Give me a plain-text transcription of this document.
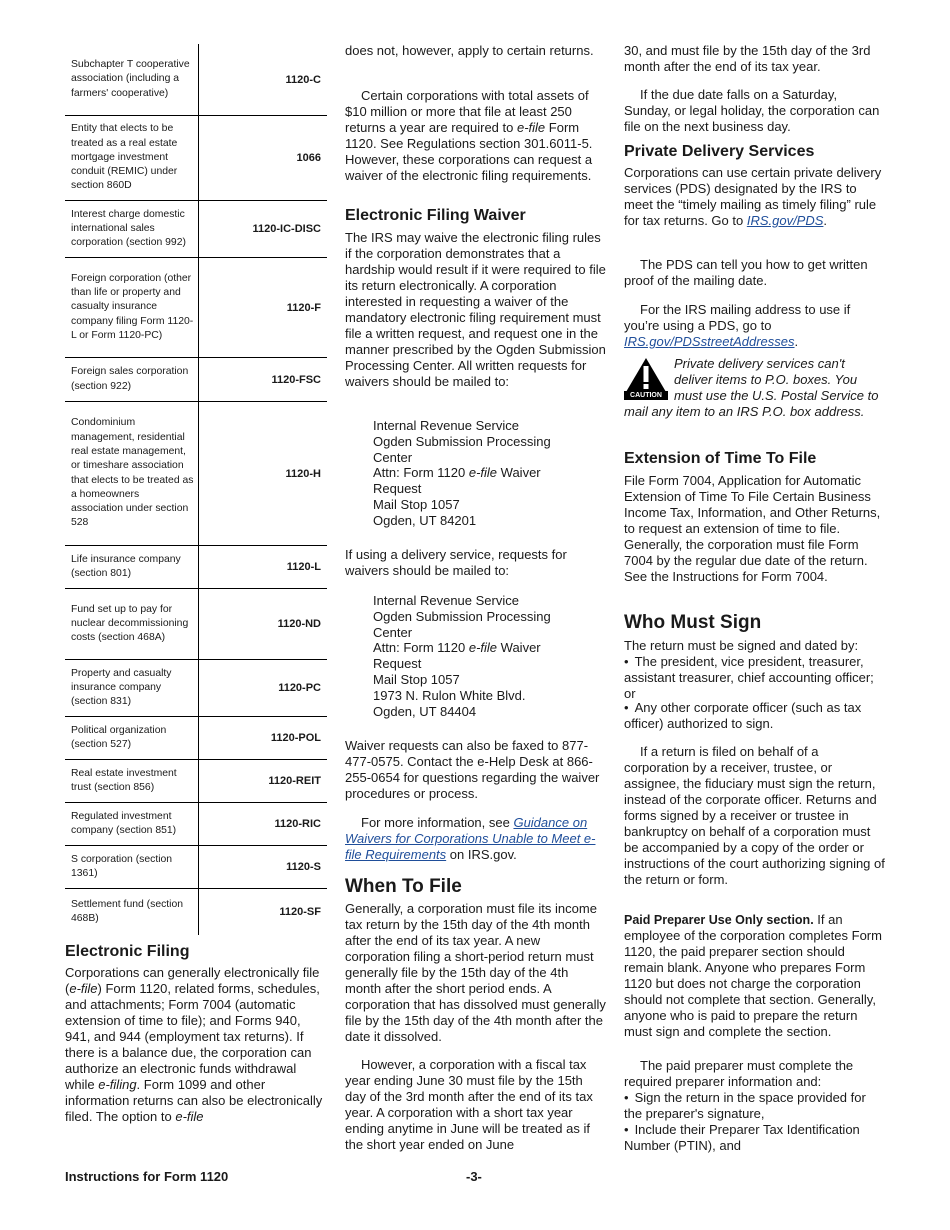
Subchapter T cooperative association (including a farmers' cooperative)
1120-C
Entity that elects to be treated as a real estate mortgage investment conduit (REMIC) under section 860D
1066
Interest charge domestic international sales corporation (section 992)
1120-IC-DISC
Foreign corporation (other than life or property and casualty insurance company filing Form 1120-L or Form 1120-PC)
1120-F
Foreign sales corporation (section 922)
1120-FSC
Condominium management, residential real estate management, or timeshare association that elects to be treated as a homeowners association under section 528
1120-H
Life insurance company (section 801)
1120-L
Fund set up to pay for nuclear decommissioning costs (section 468A)
1120-ND
Property and casualty insurance company (section 831)
1120-PC
Political organization (section 527)
1120-POL
Real estate investment trust (section 856)
1120-REIT
Regulated investment company (section 851)
1120-RIC
S corporation (section 1361)
1120-S
Settlement fund (section 468B)
1120-SF
Electronic Filing

Corporations can generally electronically file (e-file) Form 1120, related forms, schedules, and attachments; Form 7004 (automatic extension of time to file); and Forms 940, 941, and 944 (employment tax returns). If there is a balance due, the corporation can authorize an electronic funds withdrawal while e-filing. Form 1099 and other information returns can also be electronically filed. The option to e-file

does not, however, apply to certain returns.

Certain corporations with total assets of $10 million or more that file at least 250 returns a year are required to e-file Form 1120. See Regulations section 301.6011-5. However, these corporations can request a waiver of the electronic filing requirements.

Electronic Filing Waiver

The IRS may waive the electronic filing rules if the corporation demonstrates that a hardship would result if it were required to file its return electronically. A corporation interested in requesting a waiver of the mandatory electronic filing requirement must file a written request, and request one in the manner prescribed by the Ogden Submission Processing Center. All written requests for waivers should be mailed to:

Internal Revenue Service
Ogden Submission Processing
Center
Attn: Form 1120 e-file Waiver
Request
Mail Stop 1057
Ogden, UT 84201

If using a delivery service, requests for waivers should be mailed to:

Internal Revenue Service
Ogden Submission Processing
Center
Attn: Form 1120 e-file Waiver
Request
Mail Stop 1057
1973 N. Rulon White Blvd.
Ogden, UT 84404

Waiver requests can also be faxed to 877-477-0575. Contact the e-Help Desk at 866-255-0654 for questions regarding the waiver procedures or process.

For more information, see Guidance on Waivers for Corporations Unable to Meet e-file Requirements on IRS.gov.

When To File

Generally, a corporation must file its income tax return by the 15th day of the 4th month after the end of its tax year. A new corporation filing a short-period return must generally file by the 15th day of the 4th month after the short period ends. A corporation that has dissolved must generally file by the 15th day of the 4th month after the date it dissolved.

However, a corporation with a fiscal tax year ending June 30 must file by the 15th day of the 3rd month after the end of its tax year. A corporation with a short tax year ending anytime in June will be treated as if the short year ended on June

30, and must file by the 15th day of the 3rd month after the end of its tax year.

If the due date falls on a Saturday, Sunday, or legal holiday, the corporation can file on the next business day.

Private Delivery Services

Corporations can use certain private delivery services (PDS) designated by the IRS to meet the “timely mailing as timely filing” rule for tax returns. Go to IRS.gov/PDS.

The PDS can tell you how to get written proof of the mailing date.

For the IRS mailing address to use if you’re using a PDS, go to IRS.gov/PDSstreetAddresses.

CAUTION
Private delivery services can't deliver items to P.O. boxes. You must use the U.S. Postal Service to mail any item to an IRS P.O. box address.
Extension of Time To File

File Form 7004, Application for Automatic Extension of Time To File Certain Business Income Tax, Information, and Other Returns, to request an extension of time to file. Generally, the corporation must file Form 7004 by the regular due date of the return. See the Instructions for Form 7004.

Who Must Sign

The return must be signed and dated by:

• The president, vice president, treasurer, assistant treasurer, chief accounting officer; or

• Any other corporate officer (such as tax officer) authorized to sign.

If a return is filed on behalf of a corporation by a receiver, trustee, or assignee, the fiduciary must sign the return, instead of the corporate officer. Returns and forms signed by a receiver or trustee in bankruptcy on behalf of a corporation must be accompanied by a copy of the order or instructions of the court authorizing signing of the return or form.

Paid Preparer Use Only section. If an employee of the corporation completes Form 1120, the paid preparer section should remain blank. Anyone who prepares Form 1120 but does not charge the corporation should not complete that section. Generally, anyone who is paid to prepare the return must sign and complete the section.

The paid preparer must complete the required preparer information and:

• Sign the return in the space provided for the preparer's signature,

• Include their Preparer Tax Identification Number (PTIN), and

Instructions for Form 1120	-3-
